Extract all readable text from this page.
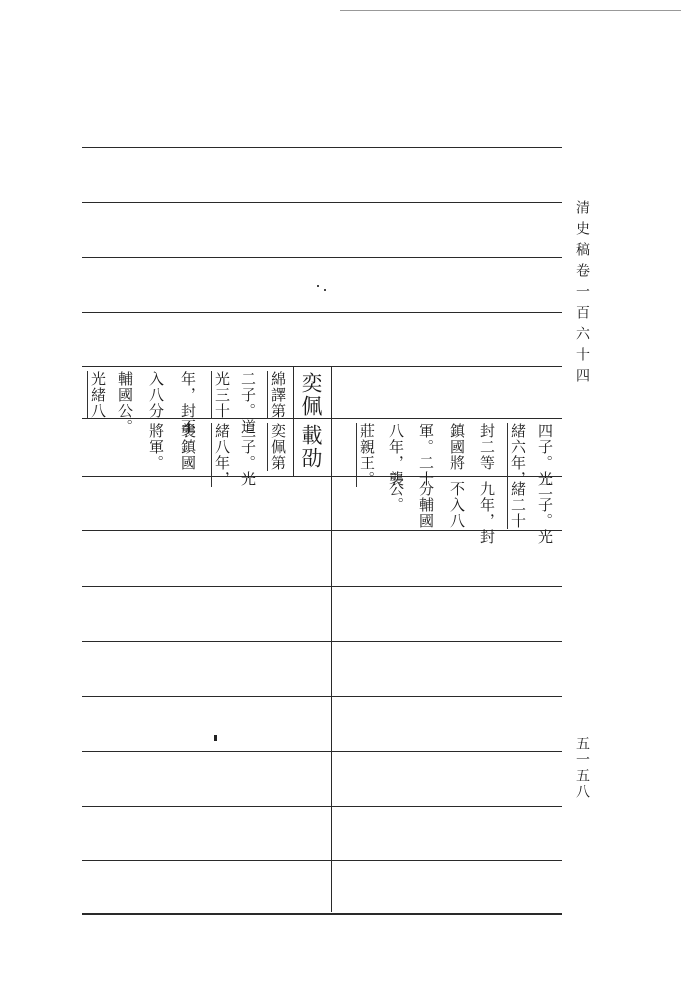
奕佩
綿譯第
二子。道
光三十
年，封不
入八分
輔國公。
光緒八
載劭
奕佩第
三子。光
緒八年，
襲鎮國
將軍。	四子。光
緒六年，
封二等
鎮國將
軍。二十
八年，襲
莊親王。
二子。光
緒二十
九年，封
不入八
分輔國
公。
清史稿卷一百六十四
五一五八
